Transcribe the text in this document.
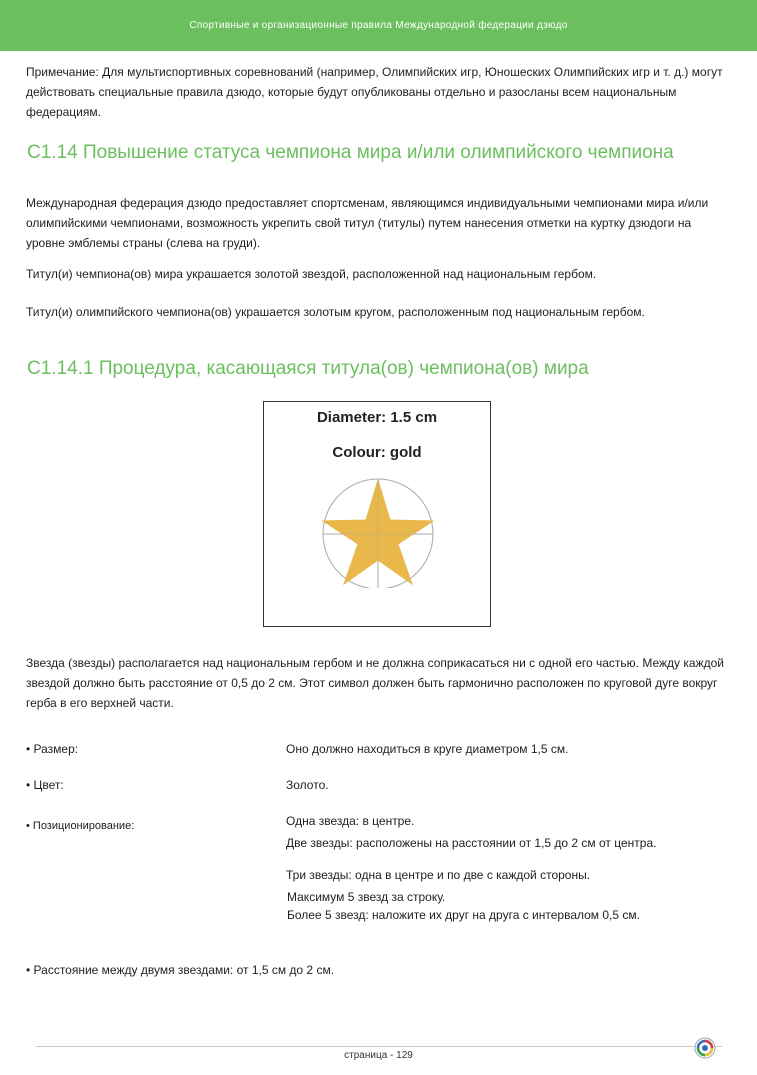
Спортивные и организационные правила Международной федерации дзюдо
Примечание: Для мультиспортивных соревнований (например, Олимпийских игр, Юношеских Олимпийских игр и т. д.) могут действовать специальные правила дзюдо, которые будут опубликованы отдельно и разосланы всем национальным федерациям.
C1.14 Повышение статуса чемпиона мира и/или олимпийского чемпиона
Международная федерация дзюдо предоставляет спортсменам, являющимся индивидуальными чемпионами мира и/или олимпийскими чемпионами, возможность укрепить свой титул (титулы) путем нанесения отметки на куртку дзюдоги на уровне эмблемы страны (слева на груди).
Титул(и) чемпиона(ов) мира украшается золотой звездой, расположенной над национальным гербом.
Титул(и) олимпийского чемпиона(ов) украшается золотым кругом, расположенным под национальным гербом.
C1.14.1 Процедура, касающаяся титула(ов) чемпиона(ов) мира
Diameter: 1.5 cm
Colour: gold
Звезда (звезды) располагается над национальным гербом и не должна соприкасаться ни с одной его частью. Между каждой звездой должно быть расстояние от 0,5 до 2 см. Этот символ должен быть гармонично расположен по круговой дуге вокруг герба в его верхней части.
• Размер:	Оно должно находиться в круге диаметром 1,5 см.
• Цвет:	Золото.
• Позиционирование:	Одна звезда: в центре.
Две звезды: расположены на расстоянии от 1,5 до 2 см от центра.
Три звезды: одна в центре и по две с каждой стороны.
Максимум 5 звезд за строку.
Более 5 звезд: наложите их друг на друга с интервалом 0,5 см.
• Расстояние между двумя звездами: от 1,5 см до 2 см.
страница - 129
